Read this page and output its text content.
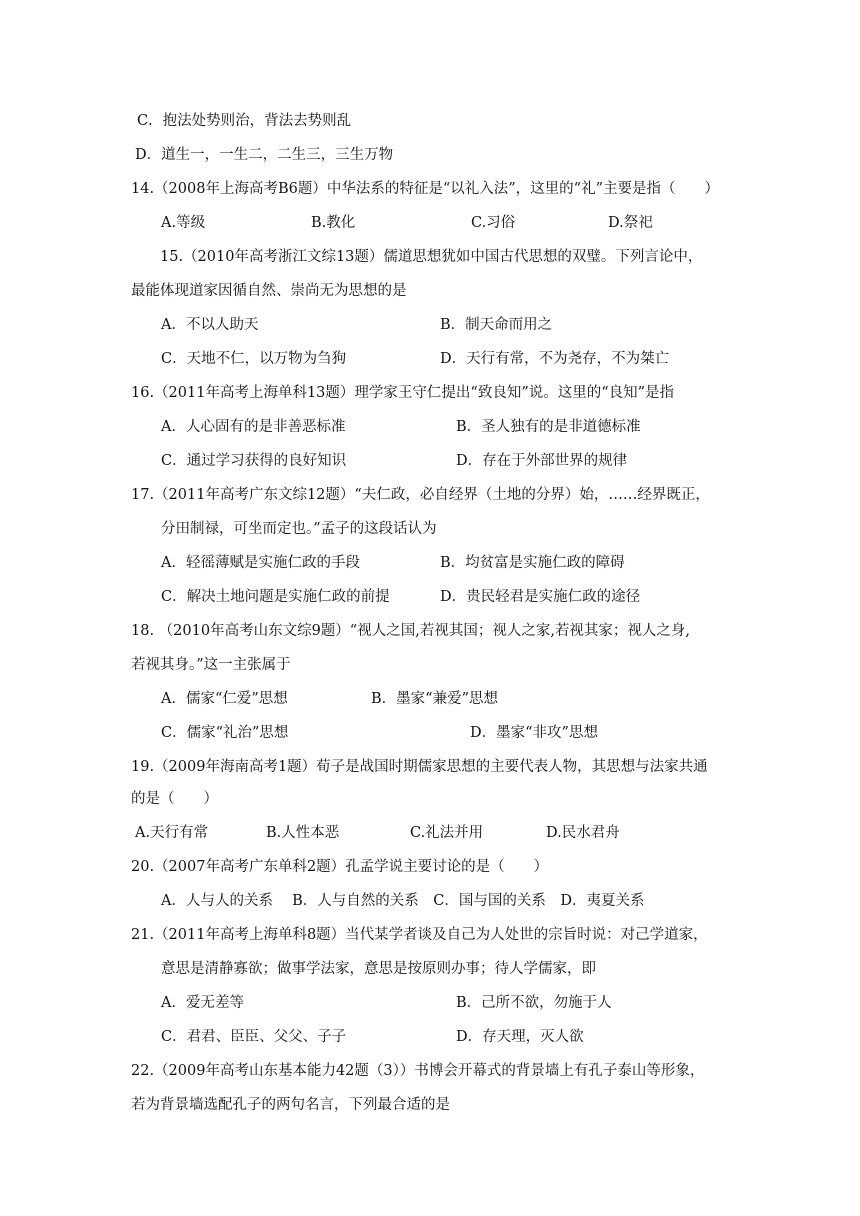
C．抱法处势则治，背法去势则乱
D．道生一，一生二，二生三，三生万物
14.（2008年上海高考B6题）中华法系的特征是“以礼入法”，这里的“礼”主要是指（　　）
A.等级	B.教化	C.习俗	D.祭祀
15.（2010年高考浙江文综13题）儒道思想犹如中国古代思想的双璧。下列言论中，
最能体现道家因循自然、崇尚无为思想的是
A．不以人助天	B．制天命而用之
C．天地不仁，以万物为刍狗	D．天行有常，不为尧存，不为桀亡
16.（2011年高考上海单科13题）理学家王守仁提出“致良知”说。这里的“良知”是指
A．人心固有的是非善恶标准	B．圣人独有的是非道德标准
C．通过学习获得的良好知识	D．存在于外部世界的规律
17.（2011年高考广东文综12题）“夫仁政，必自经界（土地的分界）始，……经界既正，
分田制禄，可坐而定也。”孟子的这段话认为
A．轻徭薄赋是实施仁政的手段	B．均贫富是实施仁政的障碍
C．解决土地问题是实施仁政的前提	D．贵民轻君是实施仁政的途径
18. （2010年高考山东文综9题）“视人之国,若视其国；视人之家,若视其家；视人之身,
若视其身。”这一主张属于
A．儒家“仁爱”思想	B．墨家“兼爱”思想
C．儒家“礼治”思想	D．墨家“非攻”思想
19.（2009年海南高考1题）荀子是战国时期儒家思想的主要代表人物，其思想与法家共通
的是（　　）
A.天行有常	B.人性本恶	C.礼法并用	D.民水君舟
20.（2007年高考广东单科2题）孔孟学说主要讨论的是（　　）
A．人与人的关系　 B．人与自然的关系　C．国与国的关系　D．夷夏关系
21.（2011年高考上海单科8题）当代某学者谈及自己为人处世的宗旨时说：对己学道家，
意思是清静寡欲；做事学法家，意思是按原则办事；待人学儒家，即
A．爱无差等	B．己所不欲，勿施于人
C．君君、臣臣、父父、子子	D．存天理，灭人欲
22.（2009年高考山东基本能力42题（3））书博会开幕式的背景墙上有孔子泰山等形象，
若为背景墙选配孔子的两句名言，下列最合适的是
